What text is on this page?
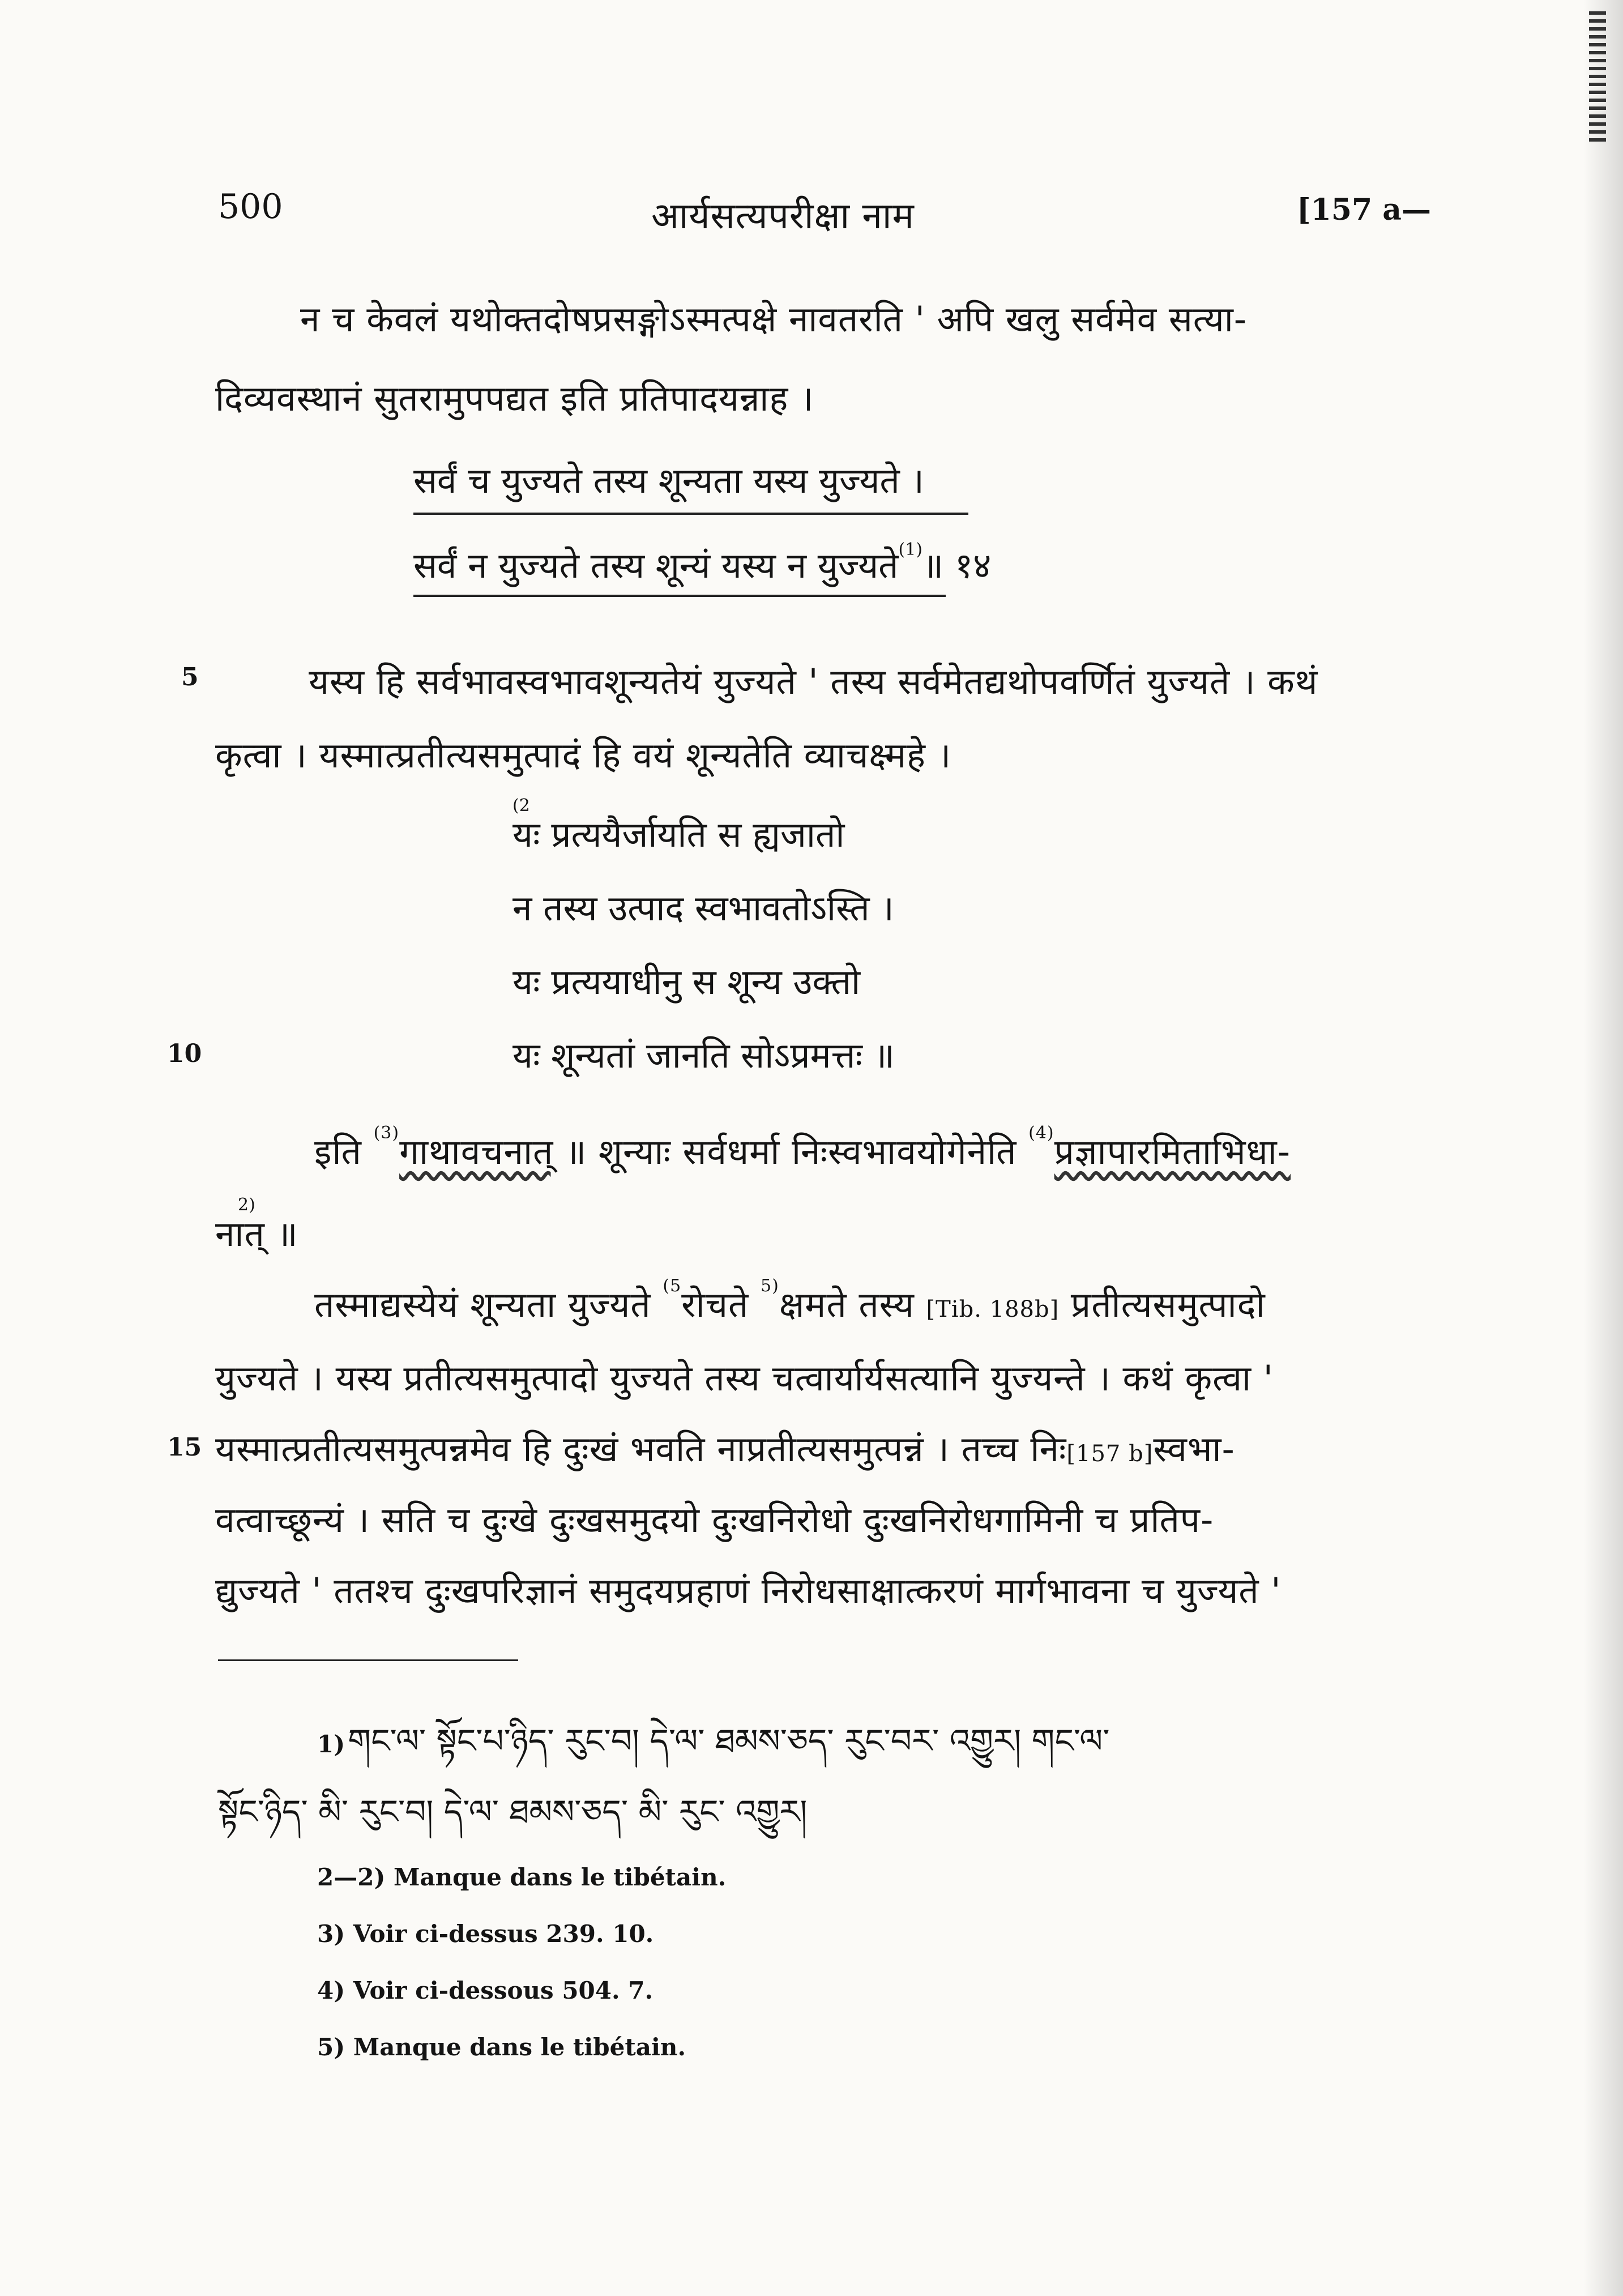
500	आर्यसत्यपरीक्षा नाम	[157 a—
न च केवलं यथोक्तदोषप्रसङ्गोऽस्मत्पक्षे नावतरति ' अपि खलु सर्वमेव सत्या-
दिव्यवस्थानं सुतरामुपपद्यत इति प्रतिपादयन्नाह ।
सर्वं च युज्यते तस्य शून्यता यस्य युज्यते ।
सर्वं न युज्यते तस्य शून्यं यस्य न युज्यते$^{(1)}$॥ १४
5	यस्य हि सर्वभावस्वभावशून्यतेयं युज्यते ' तस्य सर्वमेतद्यथोपवर्णितं युज्यते । कथं
कृत्वा । यस्मात्प्रतीत्यसमुत्पादं हि वयं शून्यतेति व्याचक्ष्महे ।
(2
यः प्रत्ययैर्जायति स ह्यजातो
न तस्य उत्पाद स्वभावतोऽस्ति ।
यः प्रत्ययाधीनु स शून्य उक्तो
10	यः शून्यतां जानति सोऽप्रमत्तः ॥
इति $^{(3)}$गाथावचनात् ॥ शून्याः सर्वधर्मा निःस्वभावयोगेनेति $^{(4)}$प्रज्ञापारमिताभिधा-
2)
नात् ॥
तस्माद्यस्येयं शून्यता युज्यते $^{(5}$रोचते $^{5)}$क्षमते तस्य [Tib. 188b] प्रतीत्यसमुत्पादो
युज्यते । यस्य प्रतीत्यसमुत्पादो युज्यते तस्य चत्वार्यार्यसत्यानि युज्यन्ते । कथं कृत्वा '
15 यस्मात्प्रतीत्यसमुत्पन्नमेव हि दुःखं भवति नाप्रतीत्यसमुत्पन्नं । तच्च निः[157 b]स्वभा-
वत्वाच्छून्यं । सति च दुःखे दुःखसमुदयो दुःखनिरोधो दुःखनिरोधगामिनी च प्रतिप-
द्युज्यते ' ततश्च दुःखपरिज्ञानं समुदयप्रहाणं निरोधसाक्षात्करणं मार्गभावना च युज्यते '
1) གང་ལ་ སྟོང་པ་ཉིད་ རུང་བ། དེ་ལ་ ཐམས་ཅད་ རུང་བར་ འགྱུར། གང་ལ་
སྟོང་ཉིད་ མི་ རུང་བ། དེ་ལ་ ཐམས་ཅད་ མི་ རུང་ འགྱུར།
2—2) Manque dans le tibétain.
3) Voir ci-dessus 239. 10.
4) Voir ci-dessous 504. 7.
5) Manque dans le tibétain.
